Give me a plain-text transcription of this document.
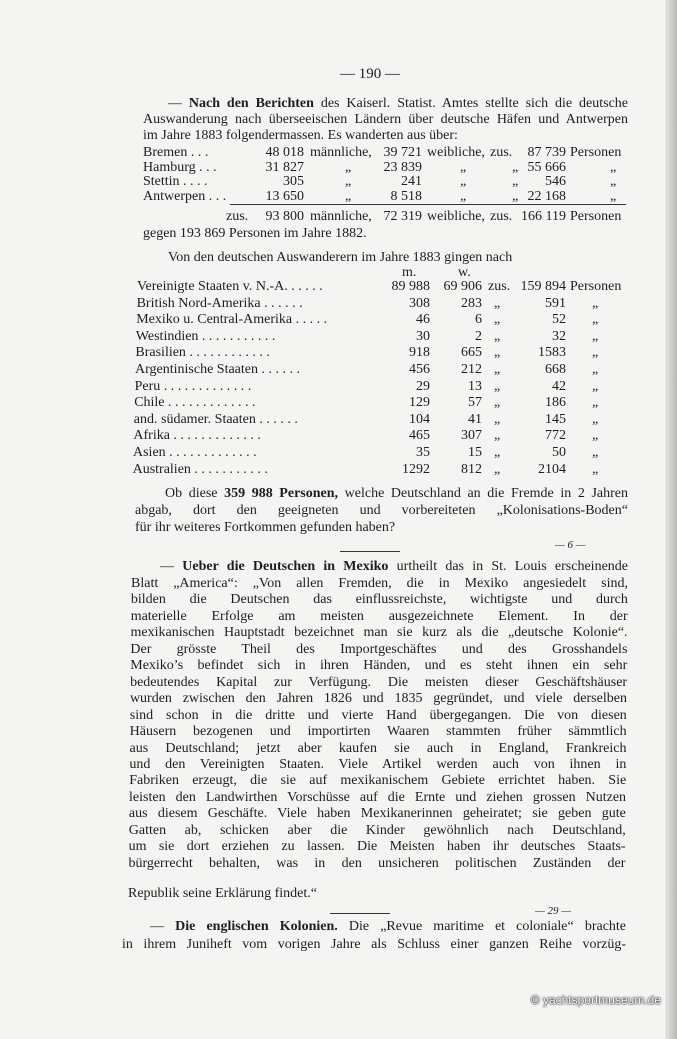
— 190 —
— Nach den Berichten des Kaiserl. Statist. Amtes stellte sich die deutsche
Auswanderung nach überseeischen Ländern über deutsche Häfen und Antwerpen
im Jahre 1883 folgendermassen. Es wanderten aus über:
Bremen . . .	48 018 männliche, 39 721 weibliche, zus.	87 739 Personen
Hamburg . . .	31 827	„	23 839	„	„ 55 666	„
Stettin . . . .	305	„	241	„	„	546	„
Antwerpen . . .	13 650	„	8 518	„	„ 22 168	„
zus.	93 800 männliche, 72 319 weibliche, zus. 166 119 Personen
gegen 193 869 Personen im Jahre 1882.
Von den deutschen Auswanderern im Jahre 1883 gingen nach
m.	w.
Vereinigte Staaten v. N.-A. . . . . .	89 988 69 906 zus. 159 894 Personen
British Nord-Amerika . . . . . .	308	283 „	591 „
Mexiko u. Central-Amerika . . . . .	46	6 „	52 „
Westindien . . . . . . . . . . .	30	2 „	32 „
Brasilien . . . . . . . . . . . .	918	665 „	1583 „
Argentinische Staaten . . . . . .	456	212 „	668 „
Peru . . . . . . . . . . . . .	29	13 „	42 „
Chile . . . . . . . . . . . . .	129	57 „	186 „
and. südamer. Staaten . . . . . .	104	41 „	145 „
Afrika . . . . . . . . . . . . .	465	307 „	772 „
Asien . . . . . . . . . . . . .	35	15 „	50 „
Australien . . . . . . . . . . .	1292	812 „	2104 „
Ob diese 359 988 Personen, welche Deutschland an die Fremde in 2 Jahren
abgab, dort den geeigneten und vorbereiteten „Kolonisations-Boden“
für ihr weiteres Fortkommen gefunden haben?
— 6 —
— Ueber die Deutschen in Mexiko urtheilt das in St. Louis erscheinende
Blatt „America“: „Von allen Fremden, die in Mexiko angesiedelt sind,
bilden die Deutschen das einflussreichste, wichtigste und durch
materielle Erfolge am meisten ausgezeichnete Element. In der
mexikanischen Hauptstadt bezeichnet man sie kurz als die „deutsche Kolonie“.
Der grösste Theil des Importgeschäftes und des Grosshandels
Mexiko’s befindet sich in ihren Händen, und es steht ihnen ein sehr
bedeutendes Kapital zur Verfügung. Die meisten dieser Geschäftshäuser
wurden zwischen den Jahren 1826 und 1835 gegründet, und viele derselben
sind schon in die dritte und vierte Hand übergegangen. Die von diesen
Häusern bezogenen und importirten Waaren stammten früher sämmtlich
aus Deutschland; jetzt aber kaufen sie auch in England, Frankreich
und den Vereinigten Staaten. Viele Artikel werden auch von ihnen in
Fabriken erzeugt, die sie auf mexikanischem Gebiete errichtet haben. Sie
leisten den Landwirthen Vorschüsse auf die Ernte und ziehen grossen Nutzen
aus diesem Geschäfte. Viele haben Mexikanerinnen geheiratet; sie geben gute
Gatten ab, schicken aber die Kinder gewöhnlich nach Deutschland,
um sie dort erziehen zu lassen. Die Meisten haben ihr deutsches Staats-
bürgerrecht behalten, was in den unsicheren politischen Zuständen der
Republik seine Erklärung findet.“
— 29 —
— Die englischen Kolonien. Die „Revue maritime et coloniale“ brachte
in ihrem Juniheft vom vorigen Jahre als Schluss einer ganzen Reihe vorzüg-
© yachtsportmuseum.de
